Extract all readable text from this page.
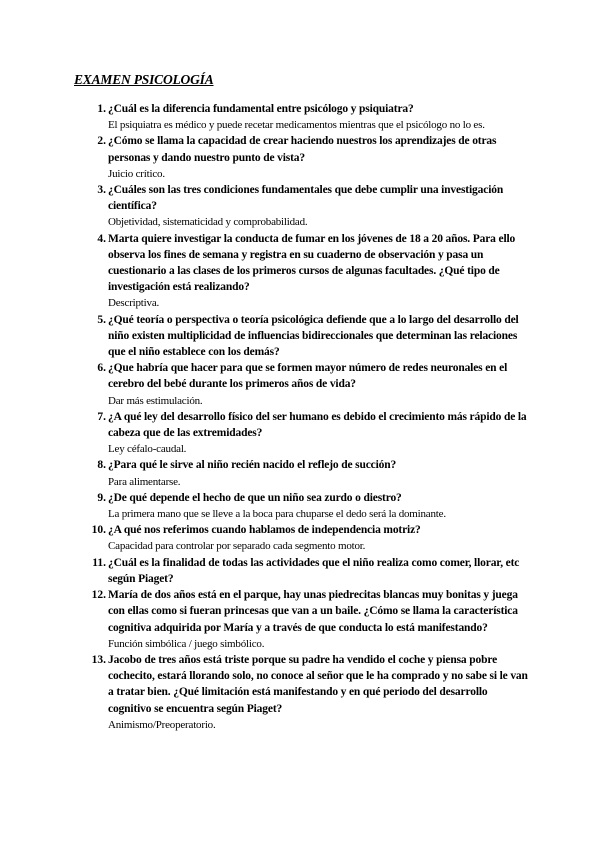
EXAMEN PSICOLOGÍA
1. ¿Cuál es la diferencia fundamental entre psicólogo y psiquiatra?
El psiquiatra es médico y puede recetar medicamentos mientras que el psicólogo no lo es.
2. ¿Cómo se llama la capacidad de crear haciendo nuestros los aprendizajes de otras personas y dando nuestro punto de vista?
Juicio crítico.
3. ¿Cuáles son las tres condiciones fundamentales que debe cumplir una investigación científica?
Objetividad, sistematicidad y comprobabilidad.
4. Marta quiere investigar la conducta de fumar en los jóvenes de 18 a 20 años. Para ello observa los fines de semana y registra en su cuaderno de observación y pasa un cuestionario a las clases de los primeros cursos de algunas facultades. ¿Qué tipo de investigación está realizando?
Descriptiva.
5. ¿Qué teoría o perspectiva o teoría psicológica defiende que a lo largo del desarrollo del niño existen multiplicidad de influencias bidireccionales que determinan las relaciones que el niño establece con los demás?
6. ¿Que habría que hacer para que se formen mayor número de redes neuronales en el cerebro del bebé durante los primeros años de vida?
Dar más estimulación.
7. ¿A qué ley del desarrollo físico del ser humano es debido el crecimiento más rápido de la cabeza que de las extremidades?
Ley céfalo-caudal.
8. ¿Para qué le sirve al niño recién nacido el reflejo de succión?
Para alimentarse.
9. ¿De qué depende el hecho de que un niño sea zurdo o diestro?
La primera mano que se lleve a la boca para chuparse el dedo será la dominante.
10. ¿A qué nos referimos cuando hablamos de independencia motriz?
Capacidad para controlar por separado cada segmento motor.
11. ¿Cuál es la finalidad de todas las actividades que el niño realiza como comer, llorar, etc según Piaget?
12. María de dos años está en el parque, hay unas piedrecitas blancas muy bonitas y juega con ellas como si fueran princesas que van a un baile. ¿Cómo se llama la característica cognitiva adquirida por María y a través de que conducta lo está manifestando?
Función simbólica / juego simbólico.
13. Jacobo de tres años está triste porque su padre ha vendido el coche y piensa pobre cochecito, estará llorando solo, no conoce al señor que le ha comprado y no sabe si le van a tratar bien. ¿Qué limitación está manifestando y en qué periodo del desarrollo cognitivo se encuentra según Piaget?
Animismo/Preoperatorio.
